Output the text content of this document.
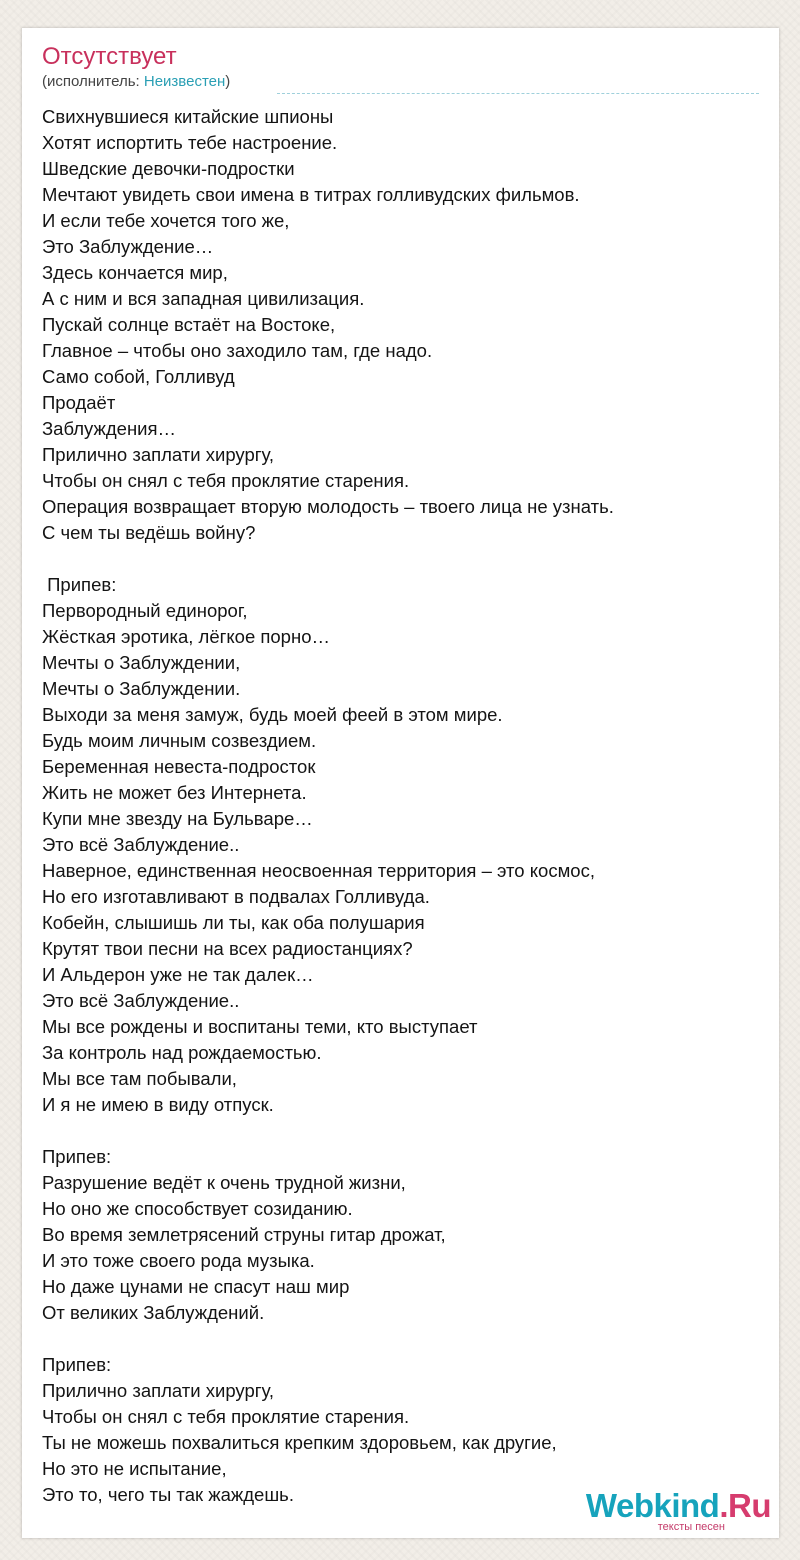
Отсутствует
(исполнитель: Неизвестен)
Свихнувшиеся китайские шпионы
Хотят испортить тебе настроение.
Шведские девочки-подростки
Мечтают увидеть свои имена в титрах голливудских фильмов.
И если тебе хочется того же,
Это Заблуждение…
Здесь кончается мир,
А с ним и вся западная цивилизация.
Пускай солнце встаёт на Востоке,
Главное – чтобы оно заходило там, где надо.
Само собой, Голливуд
Продаёт
Заблуждения…
Прилично заплати хирургу,
Чтобы он снял с тебя проклятие старения.
Операция возвращает вторую молодость – твоего лица не узнать.
С чем ты ведёшь войну?
Припев:
Первородный единорог,
Жёсткая эротика, лёгкое порно…
Мечты о Заблуждении,
Мечты о Заблуждении.
Выходи за меня замуж, будь моей феей в этом мире.
Будь моим личным созвездием.
Беременная невеста-подросток
Жить не может без Интернета.
Купи мне звезду на Бульваре…
Это всё Заблуждение..
Наверное, единственная неосвоенная территория – это космос,
Но его изготавливают в подвалах Голливуда.
Кобейн, слышишь ли ты, как оба полушария
Крутят твои песни на всех радиостанциях?
И Альдерон уже не так далек…
Это всё Заблуждение..
Мы все рождены и воспитаны теми, кто выступает
За контроль над рождаемостью.
Мы все там побывали,
И я не имею в виду отпуск.
Припев:
Разрушение ведёт к очень трудной жизни,
Но оно же способствует созиданию.
Во время землетрясений струны гитар дрожат,
И это тоже своего рода музыка.
Но даже цунами не спасут наш мир
От великих Заблуждений.
Припев:
Прилично заплати хирургу,
Чтобы он снял с тебя проклятие старения.
Ты не можешь похвалиться крепким здоровьем, как другие,
Но это не испытание,
Это то, чего ты так жаждешь.	Webkind.Ru
тексты песен
